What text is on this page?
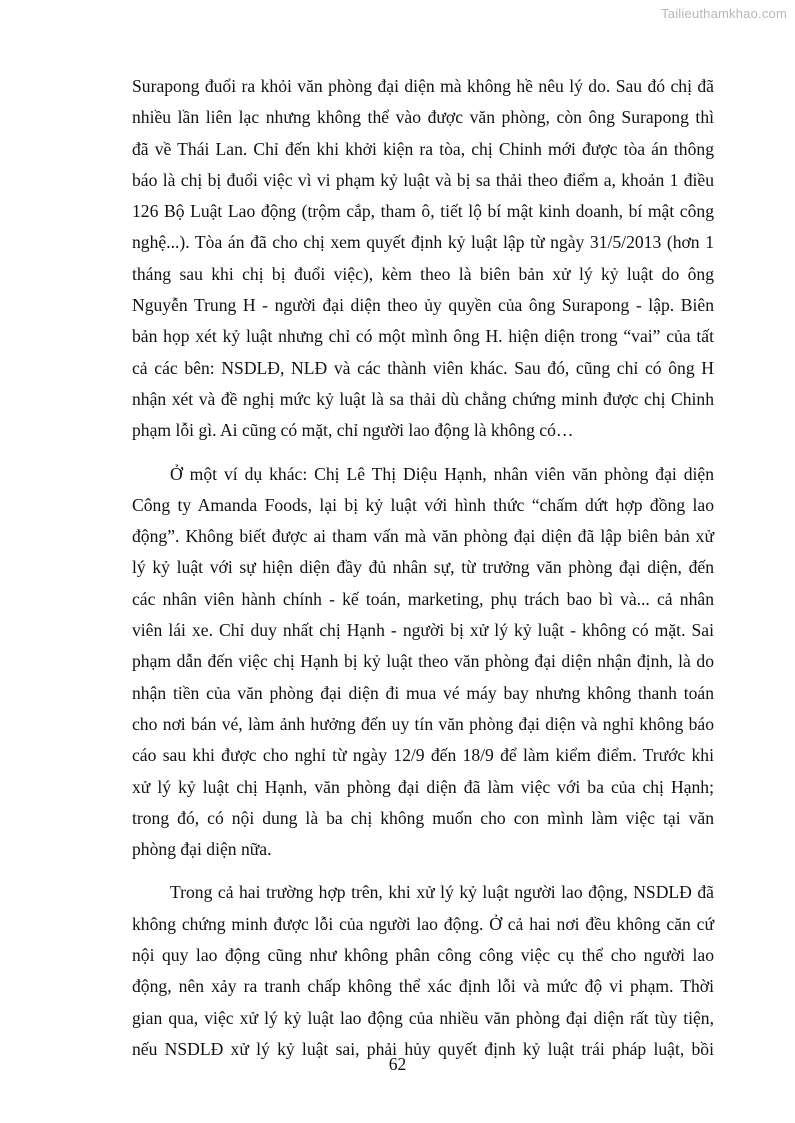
Tailieuthamkhao.com

Surapong đuổi ra khỏi văn phòng đại diện mà không hề nêu lý do. Sau đó chị đã
nhiều lần liên lạc nhưng không thể vào được văn phòng, còn ông Surapong thì
đã về Thái Lan. Chỉ đến khi khởi kiện ra tòa, chị Chinh mới được tòa án thông
báo là chị bị đuổi việc vì vi phạm kỷ luật và bị sa thải theo điểm a, khoản 1 điều
126 Bộ Luật Lao động (trộm cắp, tham ô, tiết lộ bí mật kinh doanh, bí mật công
nghệ...). Tòa án đã cho chị xem quyết định kỷ luật lập từ ngày 31/5/2013 (hơn 1
tháng sau khi chị bị đuổi việc), kèm theo là biên bản xử lý kỷ luật do ông
Nguyễn Trung H - người đại diện theo ủy quyền của ông Surapong - lập. Biên
bản họp xét kỷ luật nhưng chỉ có một mình ông H. hiện diện trong “vai” của tất
cả các bên: NSDLĐ, NLĐ và các thành viên khác. Sau đó, cũng chỉ có ông H
nhận xét và đề nghị mức kỷ luật là sa thải dù chẳng chứng minh được chị Chinh
phạm lỗi gì. Ai cũng có mặt, chỉ người lao động là không có…

Ở một ví dụ khác: Chị Lê Thị Diệu Hạnh, nhân viên văn phòng đại diện
Công ty Amanda Foods, lại bị kỷ luật với hình thức “chấm dứt hợp đồng lao
động”. Không biết được ai tham vấn mà văn phòng đại diện đã lập biên bản xử
lý kỷ luật với sự hiện diện đầy đủ nhân sự, từ trưởng văn phòng đại diện, đến
các nhân viên hành chính - kế toán, marketing, phụ trách bao bì và... cả nhân
viên lái xe. Chỉ duy nhất chị Hạnh - người bị xử lý kỷ luật - không có mặt. Sai
phạm dẫn đến việc chị Hạnh bị kỷ luật theo văn phòng đại diện nhận định, là do
nhận tiền của văn phòng đại diện đi mua vé máy bay nhưng không thanh toán
cho nơi bán vé, làm ảnh hưởng đến uy tín văn phòng đại diện và nghỉ không báo
cáo sau khi được cho nghỉ từ ngày 12/9 đến 18/9 để làm kiểm điểm. Trước khi
xử lý kỷ luật chị Hạnh, văn phòng đại diện đã làm việc với ba của chị Hạnh;
trong đó, có nội dung là ba chị không muốn cho con mình làm việc tại văn
phòng đại diện nữa.

Trong cả hai trường hợp trên, khi xử lý kỷ luật người lao động, NSDLĐ đã
không chứng minh được lỗi của người lao động. Ở cả hai nơi đều không căn cứ
nội quy lao động cũng như không phân công công việc cụ thể cho người lao
động, nên xảy ra tranh chấp không thể xác định lỗi và mức độ vi phạm. Thời
gian qua, việc xử lý kỷ luật lao động của nhiều văn phòng đại diện rất tùy tiện,
nếu NSDLĐ xử lý kỷ luật sai, phải hủy quyết định kỷ luật trái pháp luật, bồi

62
